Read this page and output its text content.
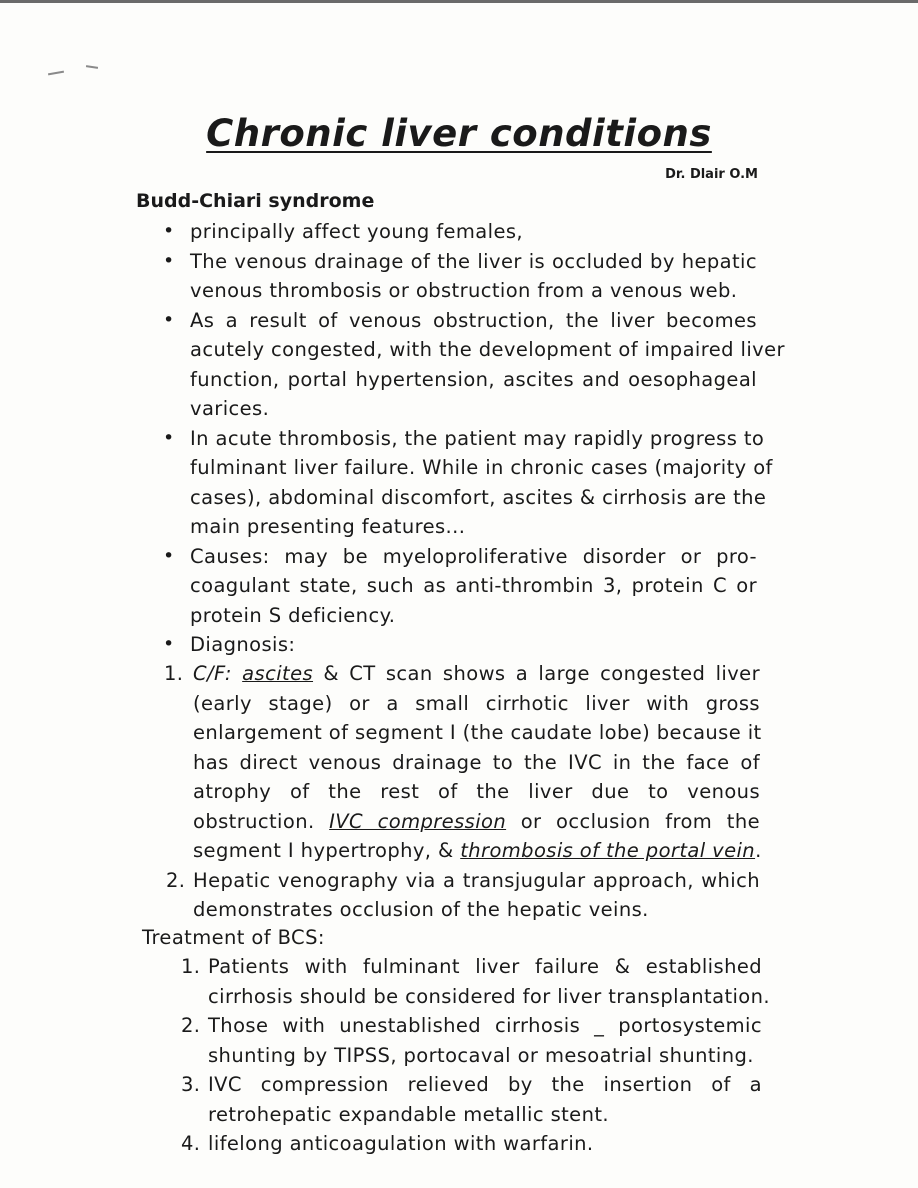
Chronic liver conditions

Dr. Dlair O.M

Budd-Chiari syndrome

• principally affect young females,
• The venous drainage of the liver is occluded by hepatic
venous thrombosis or obstruction from a venous web.
• As a result of venous obstruction, the liver becomes
acutely congested, with the development of impaired liver
function, portal hypertension, ascites and oesophageal
varices.
• In acute thrombosis, the patient may rapidly progress to
fulminant liver failure. While in chronic cases (majority of
cases), abdominal discomfort, ascites & cirrhosis are the
main presenting features...
• Causes: may be myeloproliferative disorder or pro-
coagulant state, such as anti-thrombin 3, protein C or
protein S deficiency.
• Diagnosis:
1. C/F: ascites & CT scan shows a large congested liver
(early stage) or a small cirrhotic liver with gross
enlargement of segment I (the caudate lobe) because it
has direct venous drainage to the IVC in the face of
atrophy of the rest of the liver due to venous
obstruction. IVC compression or occlusion from the
segment I hypertrophy, & thrombosis of the portal vein.
2. Hepatic venography via a transjugular approach, which
demonstrates occlusion of the hepatic veins.

Treatment of BCS:

1. Patients with fulminant liver failure & established
cirrhosis should be considered for liver transplantation.
2. Those with unestablished cirrhosis _ portosystemic
shunting by TIPSS, portocaval or mesoatrial shunting.
3. IVC compression relieved by the insertion of a
retrohepatic expandable metallic stent.
4. lifelong anticoagulation with warfarin.
